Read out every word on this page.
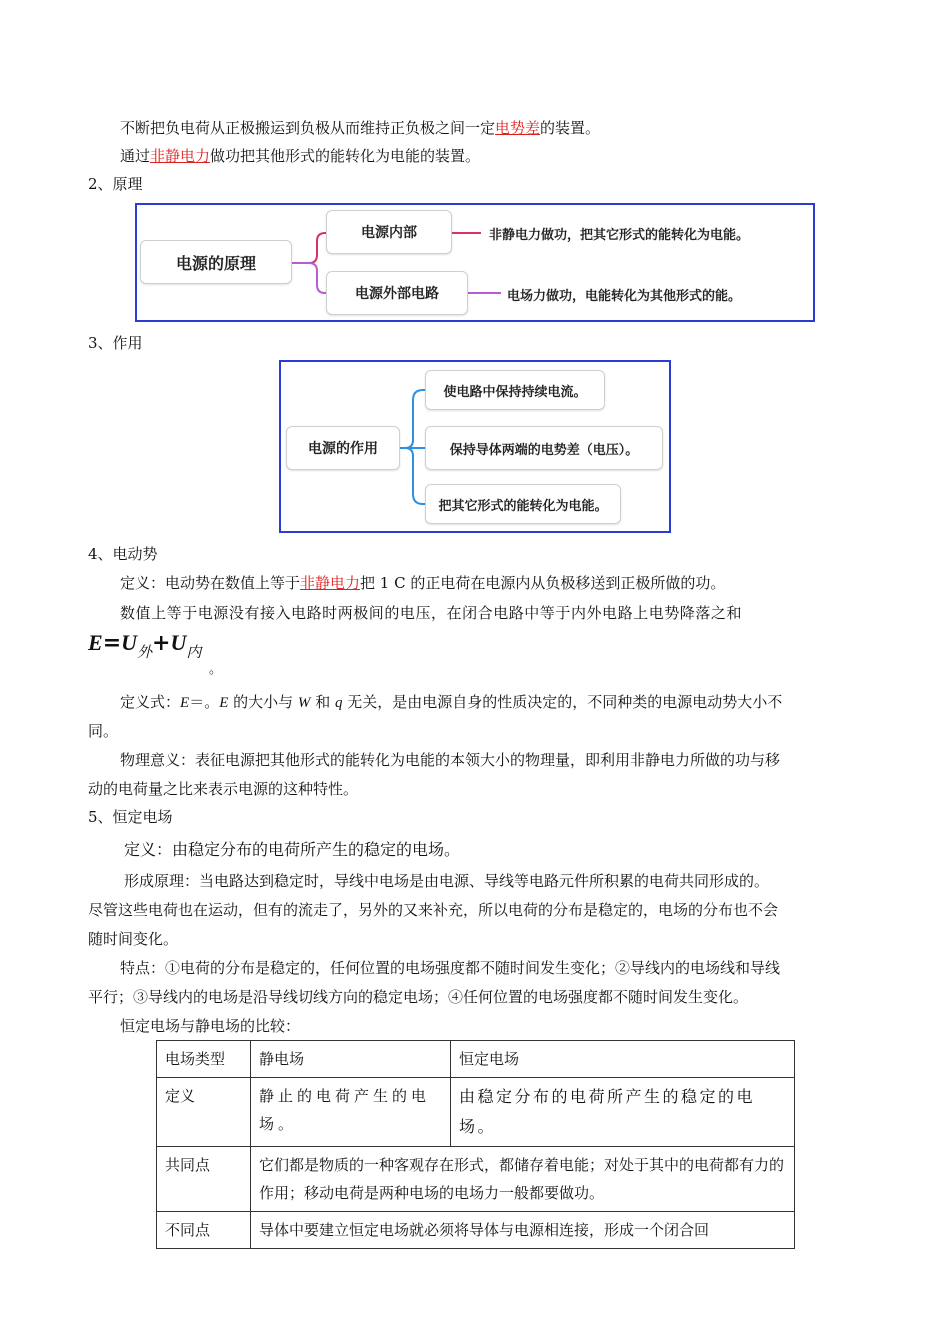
不断把负电荷从正极搬运到负极从而维持正负极之间一定电势差的装置。
通过非静电力做功把其他形式的能转化为电能的装置。
2、原理
电源的原理
电源内部
电源外部电路
非静电力做功，把其它形式的能转化为电能。
电场力做功，电能转化为其他形式的能。
3、作用
电源的作用
使电路中保持持续电流。
保持导体两端的电势差（电压）。
把其它形式的能转化为电能。
4、电动势
定义：电动势在数值上等于非静电力把 1 C 的正电荷在电源内从负极移送到正极所做的功。
数值上等于电源没有接入电路时两极间的电压，在闭合电路中等于内外电路上电势降落之和
$E=U_外+U_内$
。
定义式：E＝。E 的大小与 W 和 q 无关，是由电源自身的性质决定的，不同种类的电源电动势大小不
同。
物理意义：表征电源把其他形式的能转化为电能的本领大小的物理量，即利用非静电力所做的功与移
动的电荷量之比来表示电源的这种特性。
5、恒定电场
定义：由稳定分布的电荷所产生的稳定的电场。
形成原理：当电路达到稳定时，导线中电场是由电源、导线等电路元件所积累的电荷共同形成的。
尽管这些电荷也在运动，但有的流走了，另外的又来补充，所以电荷的分布是稳定的，电场的分布也不会
随时间变化。
特点：①电荷的分布是稳定的，任何位置的电场强度都不随时间发生变化；②导线内的电场线和导线
平行；③导线内的电场是沿导线切线方向的稳定电场；④任何位置的电场强度都不随时间发生变化。
恒定电场与静电场的比较：
电场类型	静电场	恒定电场
定义	静止的电荷产生的电场。	由稳定分布的电荷所产生的稳定的电场。
共同点	它们都是物质的一种客观存在形式，都储存着电能；对处于其中的电荷都有力的作用；移动电荷是两种电场的电场力一般都要做功。	
不同点	导体中要建立恒定电场就必须将导体与电源相连接，形成一个闭合回	
